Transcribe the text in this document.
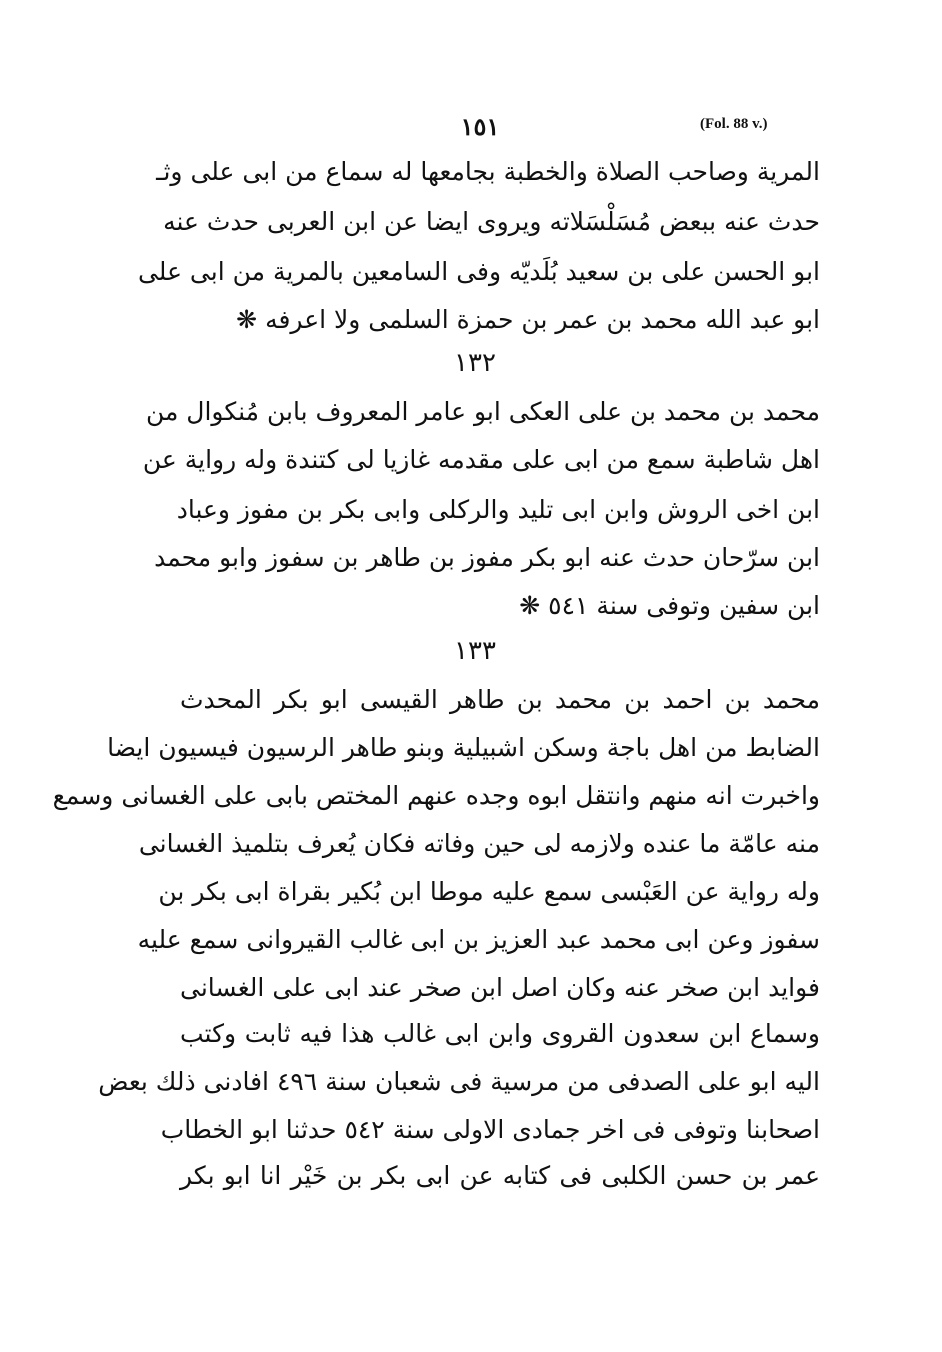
١٥١	(Fol. 88 v.)
المرية وصاحب الصلاة والخطبة بجامعها له سماع من ابى على وثـ
حدث عنه ببعض مُسَلْسَلاته ويروى ايضا عن ابن العربى حدث عنه
ابو الحسن على بن سعيد بُلَديّه وفى السامعين بالمرية من ابى على
ابو عبد الله محمد بن عمر بن حمزة السلمى ولا اعرفه ❋
١٣٢
محمد بن محمد بن على العكى ابو عامر المعروف بابن مُنكوال من
اهل شاطبة سمع من ابى على مقدمه غازيا لى كتندة وله رواية عن
ابن اخى الروش وابن ابى تليد والركلى وابى بكر بن مفوز وعباد
ابن سرّحان حدث عنه ابو بكر مفوز بن طاهر بن سفوز وابو محمد
ابن سفين وتوفى سنة ٥٤١ ❋
١٣٣
محمد بن احمد بن محمد بن طاهر القيسى ابو بكر المحدث
الضابط من اهل باجة وسكن اشبيلية وبنو طاهر الرسيون فيسيون ايضا
واخبرت انه منهم وانتقل ابوه وجده عنهم المختص بابى على الغسانى وسمع
منه عامّة ما عنده ولازمه لى حين وفاته فكان يُعرف بتلميذ الغسانى
وله رواية عن العَبْسى سمع عليه موطا ابن بُكير بقراة ابى بكر بن
سفوز وعن ابى محمد عبد العزيز بن ابى غالب القيروانى سمع عليه
فوايد ابن صخر عنه وكان اصل ابن صخر عند ابى على الغسانى
وسماع ابن سعدون القروى وابن ابى غالب هذا فيه ثابت وكتب
اليه ابو على الصدفى من مرسية فى شعبان سنة ٤٩٦ افادنى ذلك بعض
اصحابنا وتوفى فى اخر جمادى الاولى سنة ٥٤٢ حدثنا ابو الخطاب
عمر بن حسن الكلبى فى كتابه عن ابى بكر بن خَيْر انا ابو بكر
